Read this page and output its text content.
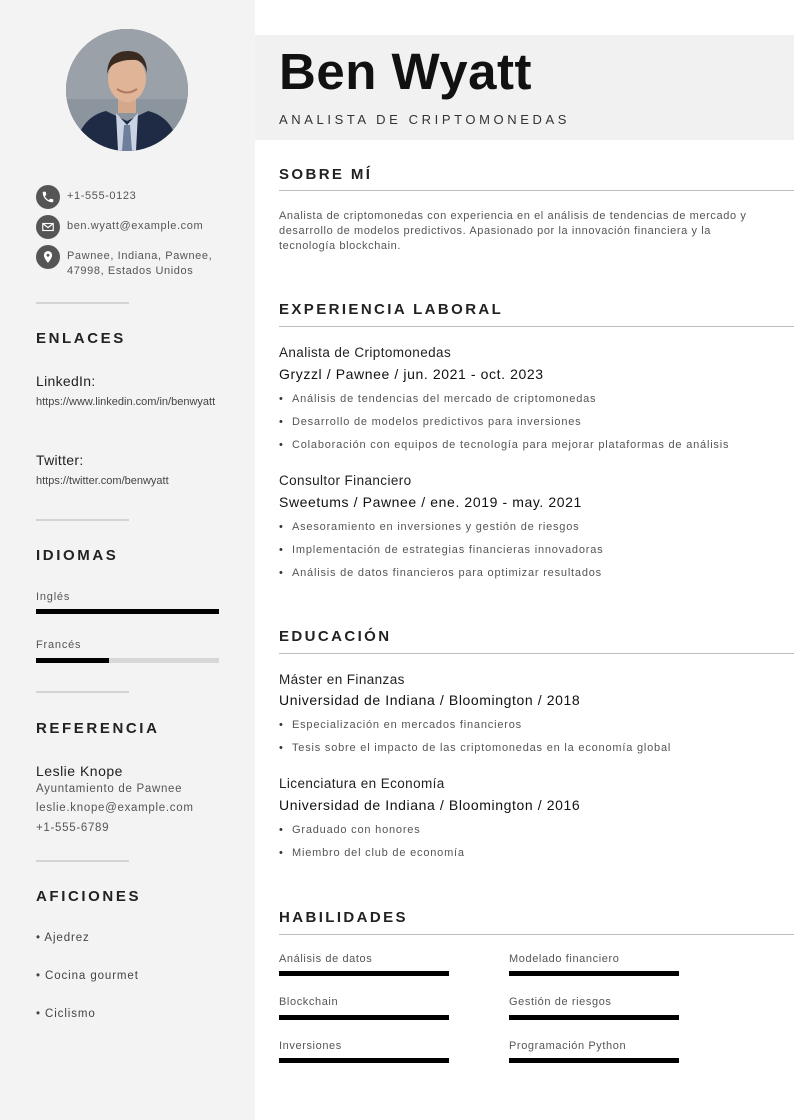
+1-555-0123
ben.wyatt@example.com
Pawnee, Indiana, Pawnee, 47998, Estados Unidos
ENLACES
LinkedIn:
https://www.linkedin.com/in/benwyatt
Twitter:
https://twitter.com/benwyatt
IDIOMAS
Inglés
Francés
REFERENCIA
Leslie Knope
Ayuntamiento de Pawnee
leslie.knope@example.com
+1-555-6789
AFICIONES
• Ajedrez
• Cocina gourmet
• Ciclismo
Ben Wyatt
ANALISTA DE CRIPTOMONEDAS
SOBRE MÍ
Analista de criptomonedas con experiencia en el análisis de tendencias de mercado y desarrollo de modelos predictivos. Apasionado por la innovación financiera y la tecnología blockchain.
EXPERIENCIA LABORAL
Analista de Criptomonedas
Gryzzl / Pawnee / jun. 2021 - oct. 2023
• Análisis de tendencias del mercado de criptomonedas
• Desarrollo de modelos predictivos para inversiones
• Colaboración con equipos de tecnología para mejorar plataformas de análisis
Consultor Financiero
Sweetums / Pawnee / ene. 2019 - may. 2021
• Asesoramiento en inversiones y gestión de riesgos
• Implementación de estrategias financieras innovadoras
• Análisis de datos financieros para optimizar resultados
EDUCACIÓN
Máster en Finanzas
Universidad de Indiana / Bloomington / 2018
• Especialización en mercados financieros
• Tesis sobre el impacto de las criptomonedas en la economía global
Licenciatura en Economía
Universidad de Indiana / Bloomington / 2016
• Graduado con honores
• Miembro del club de economía
HABILIDADES
Análisis de datos	Modelado financiero
Blockchain	Gestión de riesgos
Inversiones	Programación Python
